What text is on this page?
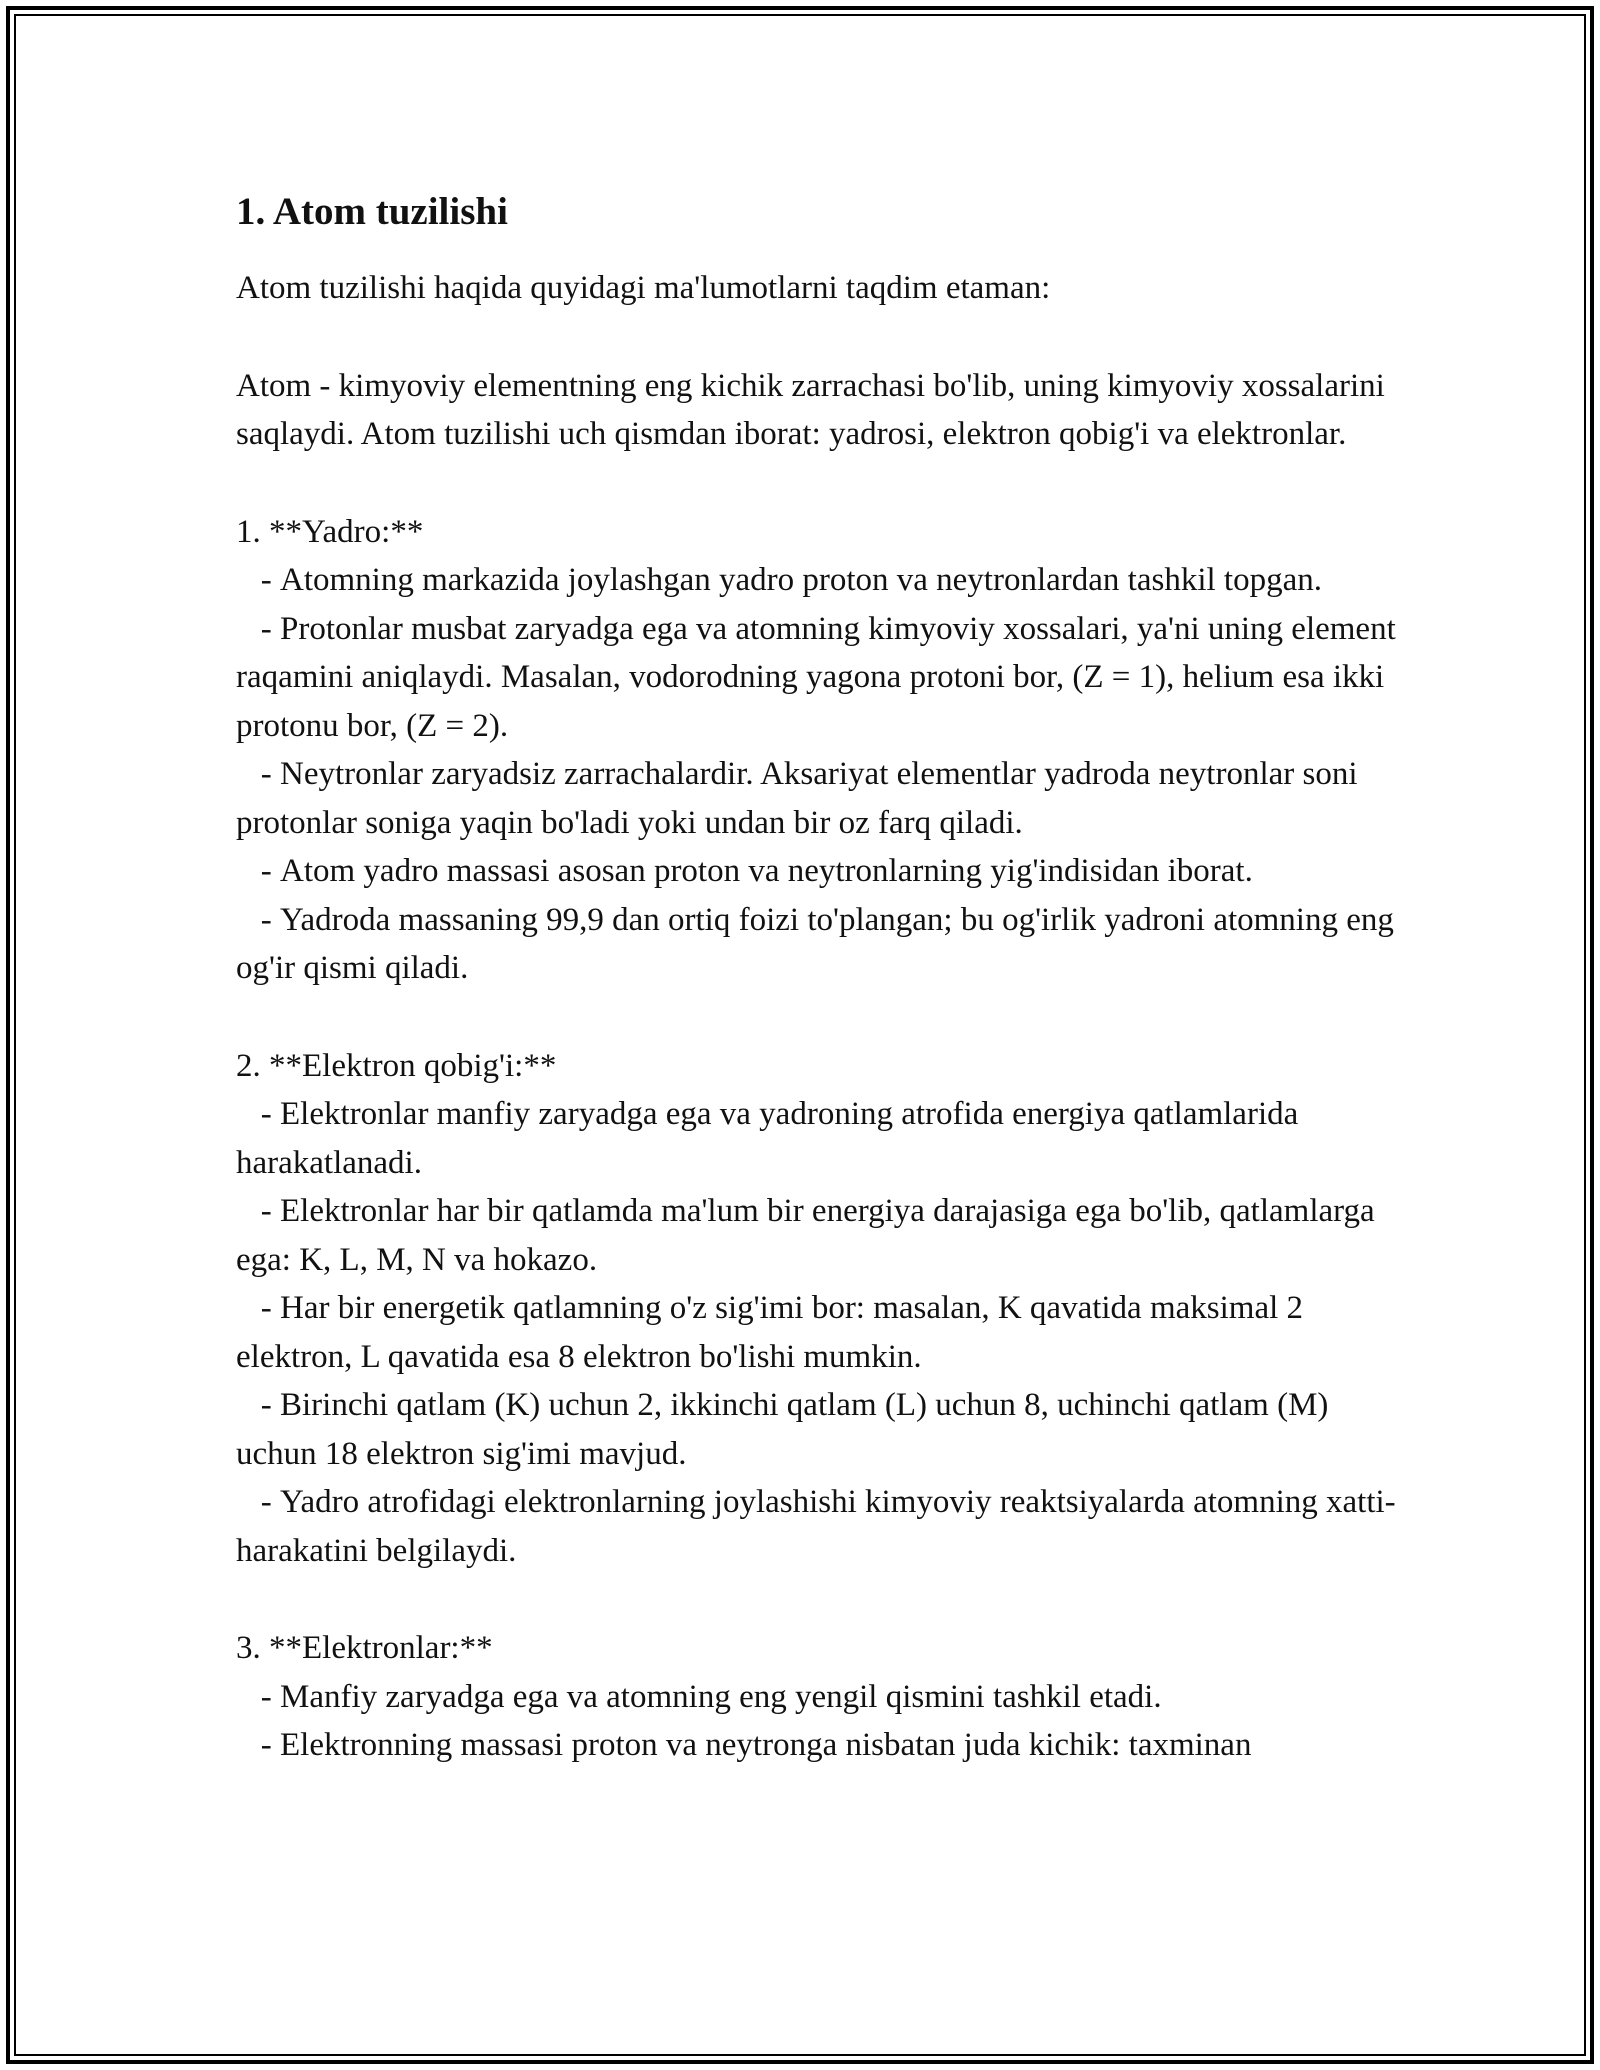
1. Atom tuzilishi

Atom tuzilishi haqida quyidagi ma'lumotlarni taqdim etaman:

Atom - kimyoviy elementning eng kichik zarrachasi bo'lib, uning kimyoviy xossalarini saqlaydi. Atom tuzilishi uch qismdan iborat: yadrosi, elektron qobig'i va elektronlar.

1. **Yadro:**

- Atomning markazida joylashgan yadro proton va neytronlardan tashkil topgan.
- Protonlar musbat zaryadga ega va atomning kimyoviy xossalari, ya'ni uning element raqamini aniqlaydi. Masalan, vodorodning yagona protoni bor, (Z = 1), helium esa ikki protonu bor, (Z = 2).
- Neytronlar zaryadsiz zarrachalardir. Aksariyat elementlar yadroda neytronlar soni protonlar soniga yaqin bo'ladi yoki undan bir oz farq qiladi.
- Atom yadro massasi asosan proton va neytronlarning yig'indisidan iborat.
- Yadroda massaning 99,9 dan ortiq foizi to'plangan; bu og'irlik yadroni atomning eng og'ir qismi qiladi.

2. **Elektron qobig'i:**

- Elektronlar manfiy zaryadga ega va yadroning atrofida energiya qatlamlarida harakatlanadi.
- Elektronlar har bir qatlamda ma'lum bir energiya darajasiga ega bo'lib, qatlamlarga ega: K, L, M, N va hokazo.
- Har bir energetik qatlamning o'z sig'imi bor: masalan, K qavatida maksimal 2 elektron, L qavatida esa 8 elektron bo'lishi mumkin.
- Birinchi qatlam (K) uchun 2, ikkinchi qatlam (L) uchun 8, uchinchi qatlam (M) uchun 18 elektron sig'imi mavjud.
- Yadro atrofidagi elektronlarning joylashishi kimyoviy reaktsiyalarda atomning xatti-harakatini belgilaydi.

3. **Elektronlar:**

- Manfiy zaryadga ega va atomning eng yengil qismini tashkil etadi.
- Elektronning massasi proton va neytronga nisbatan juda kichik: taxminan
